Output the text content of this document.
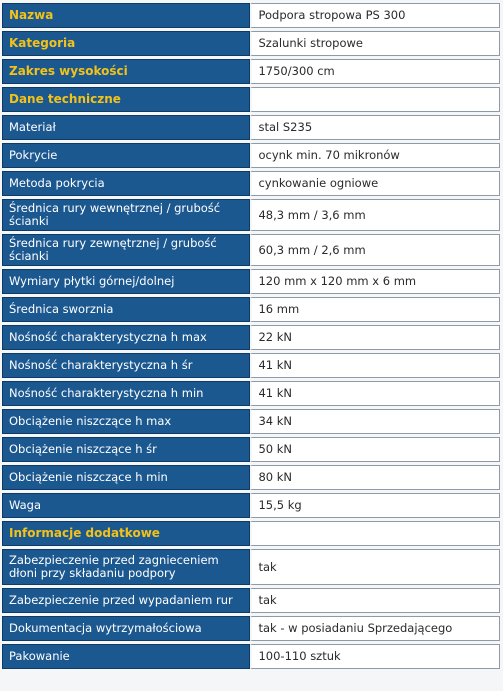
Nazwa	Podpora stropowa PS 300
Kategoria	Szalunki stropowe
Zakres wysokości	1750/300 cm
Dane techniczne	
Materiał	stal S235
Pokrycie	ocynk min. 70 mikronów
Metoda pokrycia	cynkowanie ogniowe
Średnica rury wewnętrznej / grubość ścianki	48,3 mm / 3,6 mm
Średnica rury zewnętrznej / grubość ścianki	60,3 mm / 2,6 mm
Wymiary płytki górnej/dolnej	120 mm x 120 mm x 6 mm
Średnica sworznia	16 mm
Nośność charakterystyczna h max	22 kN
Nośność charakterystyczna h śr	41 kN
Nośność charakterystyczna h min	41 kN
Obciążenie niszczące h max	34 kN
Obciążenie niszczące h śr	50 kN
Obciążenie niszczące h min	80 kN
Waga	15,5 kg
Informacje dodatkowe	
Zabezpieczenie przed zagnieceniem dłoni przy składaniu podpory	tak
Zabezpieczenie przed wypadaniem rur	tak
Dokumentacja wytrzymałościowa	tak - w posiadaniu Sprzedającego
Pakowanie	100-110 sztuk
